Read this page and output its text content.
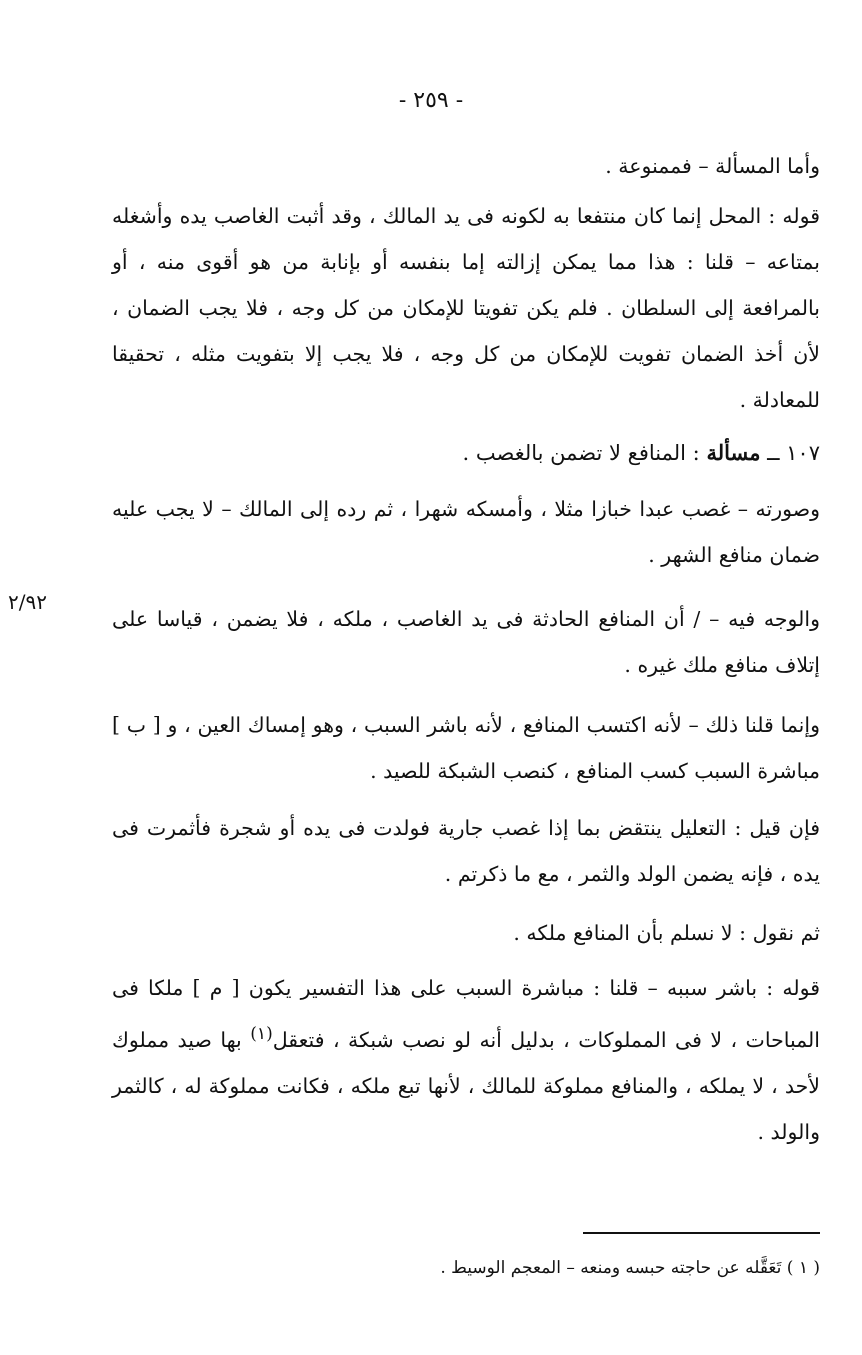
- ٢٥٩ -

وأما المسألة – فممنوعة .

قوله : المحل إنما كان منتفعا به لكونه فى يد المالك ، وقد أثبت الغاصب يده وأشغله بمتاعه – قلنا : هذا مما يمكن إزالته إما بنفسه أو بإنابة من هو أقوى منه ، أو بالمرافعة إلى السلطان . فلم يكن تفويتا للإمكان من كل وجه ، فلا يجب الضمان ، لأن أخذ الضمان تفويت للإمكان من كل وجه ، فلا يجب إلا بتفويت مثله ، تحقيقا للمعادلة .

١٠٧ ــ مسألة : المنافع لا تضمن بالغصب .

وصورته – غصب عبدا خبازا مثلا ، وأمسكه شهرا ، ثم رده إلى المالك – لا يجب عليه ضمان منافع الشهر .

والوجه فيه – / أن المنافع الحادثة فى يد الغاصب ، ملكه ، فلا يضمن ، قياسا على إتلاف منافع ملك غيره .

٢/٩٢

وإنما قلنا ذلك – لأنه اكتسب المنافع ، لأنه باشر السبب ، وهو إمساك العين ، و [ ب ] مباشرة السبب كسب المنافع ، كنصب الشبكة للصيد .

فإن قيل : التعليل ينتقض بما إذا غصب جارية فولدت فى يده أو شجرة فأثمرت فى يده ، فإنه يضمن الولد والثمر ، مع ما ذكرتم .

ثم نقول : لا نسلم بأن المنافع ملكه .

قوله : باشر سببه – قلنا : مباشرة السبب على هذا التفسير يكون [ م ] ملكا فى المباحات ، لا فى المملوكات ، بدليل أنه لو نصب شبكة ، فتعقل$^{(١)}$ بها صيد مملوك لأحد ، لا يملكه ، والمنافع مملوكة للمالك ، لأنها تبع ملكه ، فكانت مملوكة له ، كالثمر والولد .

( ١ ) تَعَقَّله عن حاجته حبسه ومنعه – المعجم الوسيط .
